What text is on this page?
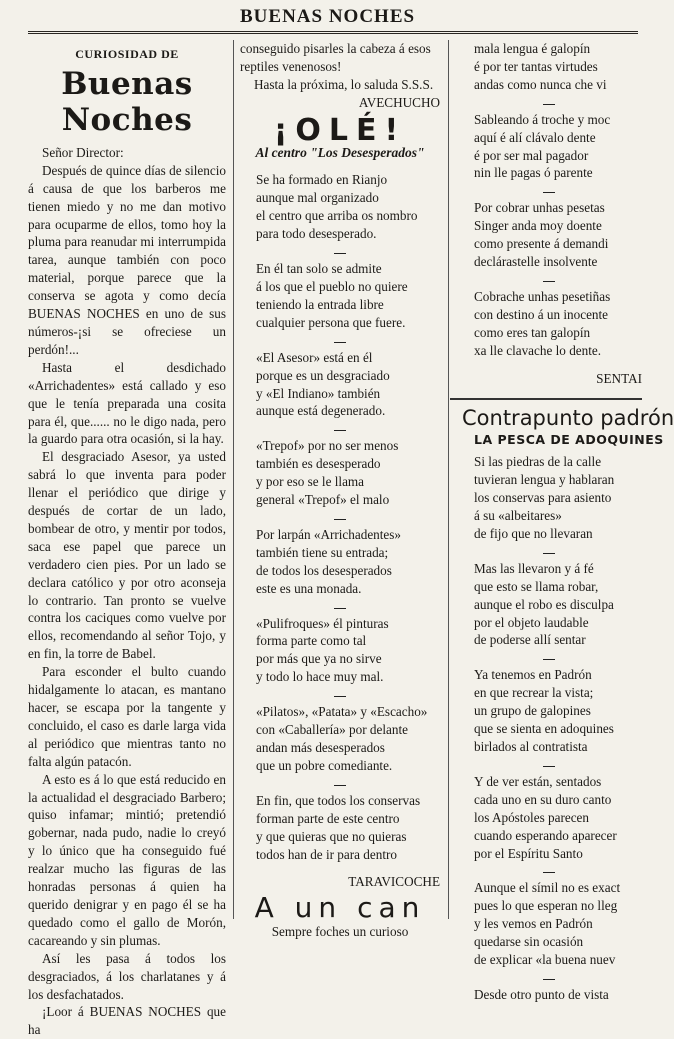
BUENAS NOCHES
CURIOSIDAD DE
Buenas Noches

Señor Director:

Después de quince días de silencio á causa de que los barberos me tienen miedo y no me dan motivo para ocuparme de ellos, tomo hoy la pluma para reanudar mi interrumpida tarea, aunque también con poco material, porque parece que la conserva se agota y como decía BUENAS NOCHES en uno de sus números-¡si se ofreciese un perdón!...

Hasta el desdichado «Arrichadentes» está callado y eso que le tenía preparada una cosita para él, que...... no le digo nada, pero la guardo para otra ocasión, si la hay.

El desgraciado Asesor, ya usted sabrá lo que inventa para poder llenar el periódico que dirige y después de cortar de un lado, bombear de otro, y mentir por todos, saca ese papel que parece un verdadero cien pies. Por un lado se declara católico y por otro aconseja lo contrario. Tan pronto se vuelve contra los caciques como vuelve por ellos, recomendando al señor Tojo, y en fin, la torre de Babel.

Para esconder el bulto cuando hidalgamente lo atacan, es mantano hacer, se escapa por la tangente y concluido, el caso es darle larga vida al periódico que mientras tanto no falta algún patacón.

A esto es á lo que está reducido en la actualidad el desgraciado Barbero; quiso infamar; mintió; pretendió gobernar, nada pudo, nadie lo creyó y lo único que ha conseguido fué realzar mucho las figuras de las honradas personas á quien ha querido denigrar y en pago él se ha quedado como el gallo de Morón, cacareando y sin plumas.

Así les pasa á todos los desgraciados, á los charlatanes y á los desfachatados.

¡Loor á BUENAS NOCHES que ha

conseguido pisarles la cabeza á esos

reptiles venenosos!

Hasta la próxima, lo saluda S.S.S.

AVECHUCHO

¡OLÉ!
Al centro "Los Desesperados"

Se ha formado en Rianjo

aunque mal organizado

el centro que arriba os nombro

para todo desesperado.

En él tan solo se admite

á los que el pueblo no quiere

teniendo la entrada libre

cualquier persona que fuere.

«El Asesor» está en él

porque es un desgraciado

y «El Indiano» también

aunque está degenerado.

«Trepof» por no ser menos

también es desesperado

y por eso se le llama

general «Trepof» el malo

Por larpán «Arrichadentes»

también tiene su entrada;

de todos los desesperados

este es una monada.

«Pulifroques» él pinturas

forma parte como tal

por más que ya no sirve

y todo lo hace muy mal.

«Pilatos», «Patata» y «Escacho»

con «Caballería» por delante

andan más desesperados

que un pobre comediante.

En fin, que todos los conservas

forman parte de este centro

y que quieras que no quieras

todos han de ir para dentro

TARAVICOCHE

A un can

Sempre foches un curioso

mala lengua é galopín

é por ter tantas virtudes

andas como nunca che vi

Sableando á troche y moc

aquí é alí clávalo dente

é por ser mal pagador

nin lle pagas ó parente

Por cobrar unhas pesetas

Singer anda moy doente

como presente á demandi

declárastelle insolvente

Cobrache unhas pesetiñas

con destino á un inocente

como eres tan galopín

xa lle clavache lo dente.

SENTAI

Contrapunto padrón
LA PESCA DE ADOQUINES

Si las piedras de la calle

tuvieran lengua y hablaran

los conservas para asiento

á su «albeitares»

de fijo que no llevaran

Mas las llevaron y á fé

que esto se llama robar,

aunque el robo es disculpa

por el objeto laudable

de poderse allí sentar

Ya tenemos en Padrón

en que recrear la vista;

un grupo de galopines

que se sienta en adoquines

birlados al contratista

Y de ver están, sentados

cada uno en su duro canto

los Apóstoles parecen

cuando esperando aparecer

por el Espíritu Santo

Aunque el símil no es exact

pues lo que esperan no lleg

y les vemos en Padrón

quedarse sin ocasión

de explicar «la buena nuev

Desde otro punto de vista
